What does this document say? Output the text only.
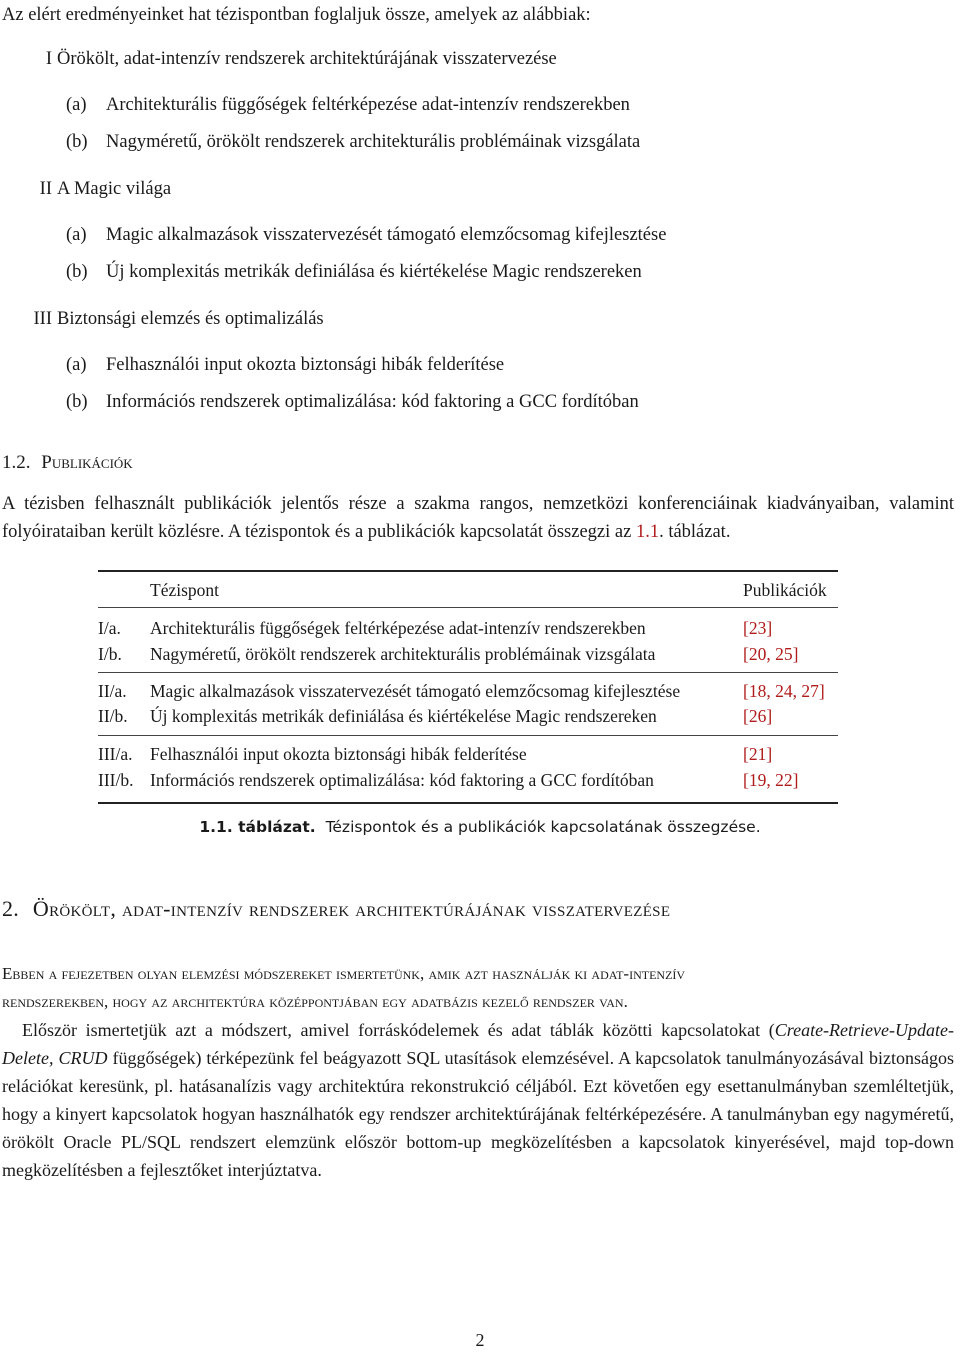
Az elért eredményeinket hat tézispontban foglaljuk össze, amelyek az alábbiak:
I Örökölt, adat-intenzív rendszerek architektúrájának visszatervezése
(a) Architekturális függőségek feltérképezése adat-intenzív rendszerekben
(b) Nagyméretű, örökölt rendszerek architekturális problémáinak vizsgálata
II A Magic világa
(a) Magic alkalmazások visszatervezését támogató elemzőcsomag kifejlesztése
(b) Új komplexitás metrikák definiálása és kiértékelése Magic rendszereken
III Biztonsági elemzés és optimalizálás
(a) Felhasználói input okozta biztonsági hibák felderítése
(b) Információs rendszerek optimalizálása: kód faktoring a GCC fordítóban
1.2. Publikációk
A tézisben felhasznált publikációk jelentős része a szakma rangos, nemzetközi konferenciáinak kiadványaiban, valamint folyóirataiban került közlésre. A tézispontok és a publikációk kapcsolatát összegzi az 1.1. táblázat.
Tézispont	Publikációk
I/a. Architekturális függőségek feltérképezése adat-intenzív rendszerekben	[23]
I/b. Nagyméretű, örökölt rendszerek architekturális problémáinak vizsgálata	[20, 25]
II/a. Magic alkalmazások visszatervezését támogató elemzőcsomag kifejlesztése	[18, 24, 27]
II/b. Új komplexitás metrikák definiálása és kiértékelése Magic rendszereken	[26]
III/a. Felhasználói input okozta biztonsági hibák felderítése	[21]
III/b. Információs rendszerek optimalizálása: kód faktoring a GCC fordítóban	[19, 22]
1.1. táblázat. Tézispontok és a publikációk kapcsolatának összegzése.
2. Örökölt, adat-intenzív rendszerek architektúrájának visszatervezése
Ebben a fejezetben olyan elemzési módszereket ismertetünk, amik azt használják ki adat-intenzív
rendszerekben, hogy az architektúra középpontjában egy adatbázis kezelő rendszer van.
Először ismertetjük azt a módszert, amivel forráskódelemek és adat táblák közötti kapcsolatokat (Create-Retrieve-Update-Delete, CRUD függőségek) térképezünk fel beágyazott SQL utasítások elemzésével. A kapcsolatok tanulmányozásával biztonságos relációkat keresünk, pl. hatásanalízis vagy architektúra rekonstrukció céljából. Ezt követően egy esettanulmányban szemléltetjük, hogy a kinyert kapcsolatok hogyan használhatók egy rendszer architektúrájának feltérképezésére. A tanulmányban egy nagyméretű, örökölt Oracle PL/SQL rendszert elemzünk először bottom-up megközelítésben a kapcsolatok kinyerésével, majd top-down megközelítésben a fejlesztőket interjúztatva.
2
